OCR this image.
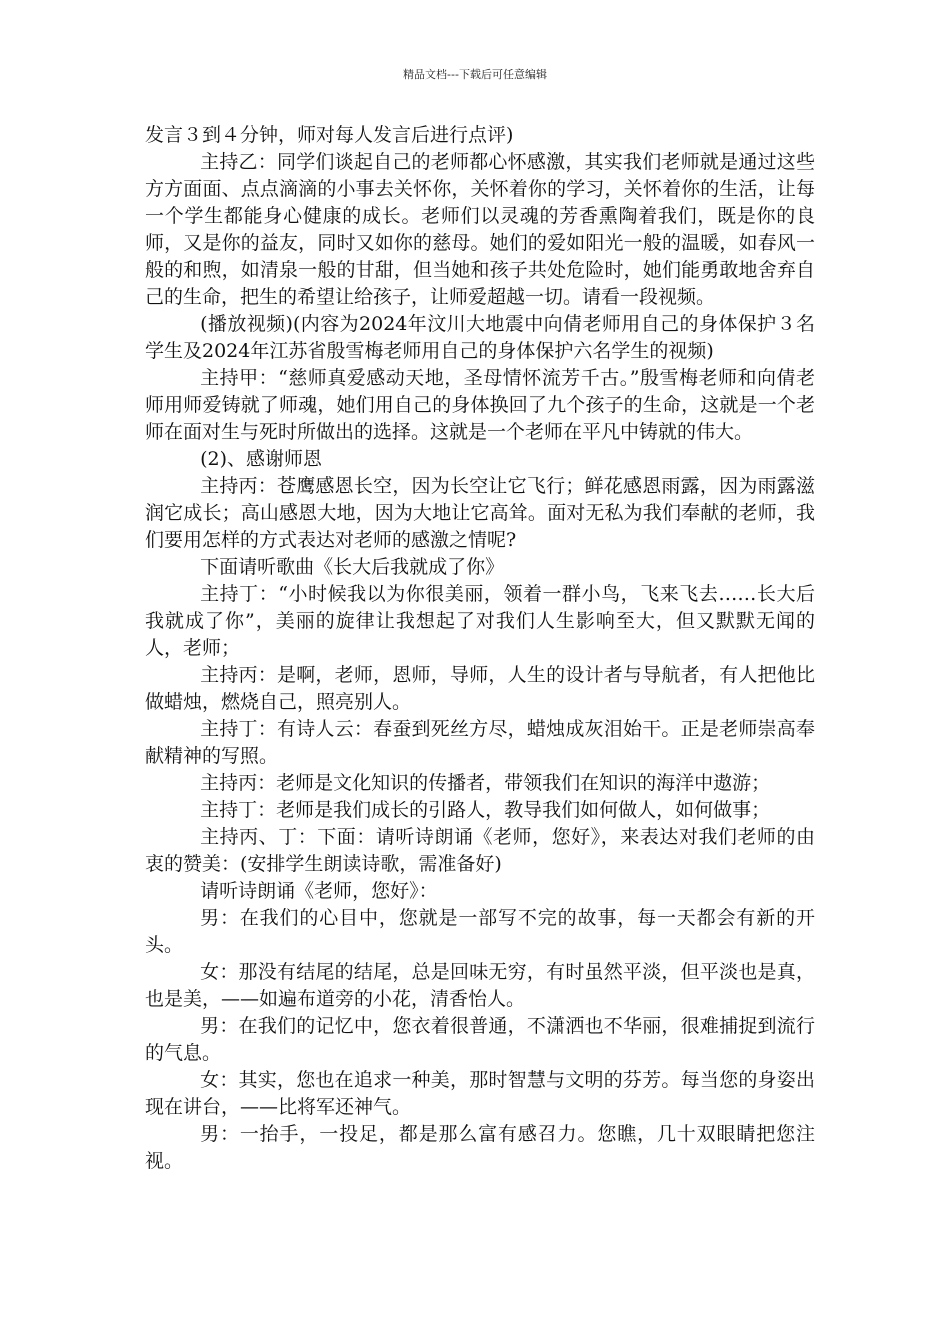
精品文档---下载后可任意编辑

发言３到４分钟，师对每人发言后进行点评)

主持乙：同学们谈起自己的老师都心怀感激，其实我们老师就是通过这些方方面面、点点滴滴的小事去关怀你，关怀着你的学习，关怀着你的生活，让每一个学生都能身心健康的成长。老师们以灵魂的芳香熏陶着我们，既是你的良师，又是你的益友，同时又如你的慈母。她们的爱如阳光一般的温暖，如春风一般的和煦，如清泉一般的甘甜，但当她和孩子共处危险时，她们能勇敢地舍弃自己的生命，把生的希望让给孩子，让师爱超越一切。请看一段视频。

(播放视频)(内容为2024年汶川大地震中向倩老师用自己的身体保护３名学生及2024年江苏省殷雪梅老师用自己的身体保护六名学生的视频)

主持甲：“慈师真爱感动天地，圣母情怀流芳千古。”殷雪梅老师和向倩老师用师爱铸就了师魂，她们用自己的身体换回了九个孩子的生命，这就是一个老师在面对生与死时所做出的选择。这就是一个老师在平凡中铸就的伟大。

(2)、感谢师恩

主持丙：苍鹰感恩长空，因为长空让它飞行；鲜花感恩雨露，因为雨露滋润它成长；高山感恩大地，因为大地让它高耸。面对无私为我们奉献的老师，我们要用怎样的方式表达对老师的感激之情呢?

下面请听歌曲《长大后我就成了你》

主持丁：“小时候我以为你很美丽，领着一群小鸟，飞来飞去……长大后我就成了你”，美丽的旋律让我想起了对我们人生影响至大，但又默默无闻的人，老师；

主持丙：是啊，老师，恩师，导师，人生的设计者与导航者，有人把他比做蜡烛，燃烧自己，照亮别人。

主持丁：有诗人云：春蚕到死丝方尽，蜡烛成灰泪始干。正是老师崇高奉献精神的写照。

主持丙：老师是文化知识的传播者，带领我们在知识的海洋中遨游；

主持丁：老师是我们成长的引路人，教导我们如何做人，如何做事；

主持丙、丁：下面：请听诗朗诵《老师，您好》，来表达对我们老师的由衷的赞美：(安排学生朗读诗歌，需准备好)

请听诗朗诵《老师，您好》：

男：在我们的心目中，您就是一部写不完的故事，每一天都会有新的开头。

女：那没有结尾的结尾，总是回味无穷，有时虽然平淡，但平淡也是真，也是美，——如遍布道旁的小花，清香怡人。

男：在我们的记忆中，您衣着很普通，不潇洒也不华丽，很难捕捉到流行的气息。

女：其实，您也在追求一种美，那时智慧与文明的芬芳。每当您的身姿出现在讲台，——比将军还神气。

男：一抬手，一投足，都是那么富有感召力。您瞧，几十双眼睛把您注视。
